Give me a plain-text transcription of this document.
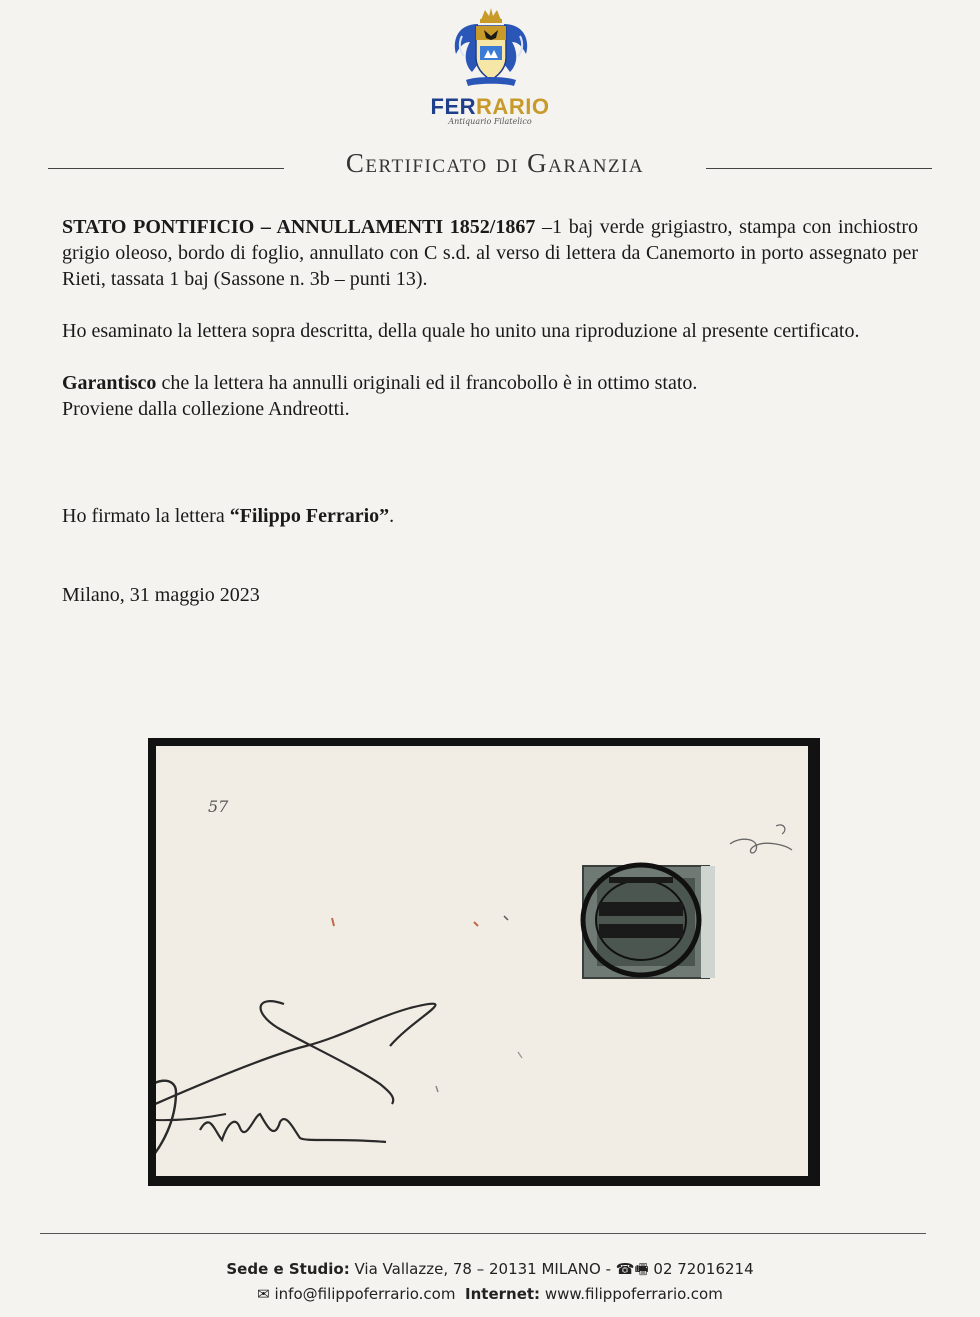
FERRARIO
Antiquario Filatelico
Certificato di Garanzia

STATO PONTIFICIO – ANNULLAMENTI 1852/1867 –1 baj verde grigiastro, stampa con inchiostro grigio oleoso, bordo di foglio, annullato con C s.d. al verso di lettera da Canemorto in porto assegnato per Rieti, tassata 1 baj (Sassone n. 3b – punti 13).

Ho esaminato la lettera sopra descritta, della quale ho unito una riproduzione al presente certificato.

Garantisco che la lettera ha annulli originali ed il francobollo è in ottimo stato.
Proviene dalla collezione Andreotti.

Ho firmato la lettera “Filippo Ferrario”.
Milano, 31 maggio 2023
57
Sede e Studio: Via Vallazze, 78 – 20131 MILANO - ☎🖷 02 72016214
✉ info@filippoferrario.com Internet: www.filippoferrario.com
